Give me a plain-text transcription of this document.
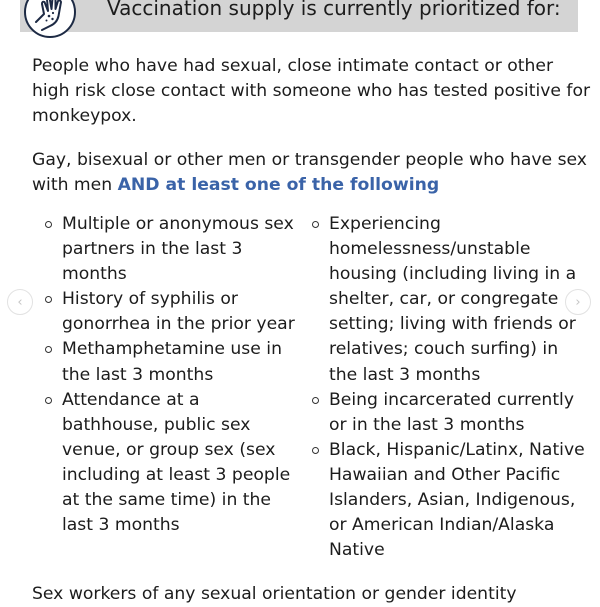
Vaccination supply is currently prioritized for:

People who have had sexual, close intimate contact or other high risk close contact with someone who has tested positive for monkeypox.

Gay, bisexual or other men or transgender people who have sex with men AND at least one of the following

Multiple or anonymous sex partners in the last 3 months
History of syphilis or gonorrhea in the prior year
Methamphetamine use in the last 3 months
Attendance at a bathhouse, public sex venue, or group sex (sex including at least 3 people at the same time) in the last 3 months
Experiencing homelessness/unstable housing (including living in a shelter, car, or congregate setting; living with friends or relatives; couch surfing) in the last 3 months
Being incarcerated currently or in the last 3 months
Black, Hispanic/Latinx, Native Hawaiian and Other Pacific Islanders, Asian, Indigenous, or American Indian/Alaska Native

Sex workers of any sexual orientation or gender identity

‹	›
